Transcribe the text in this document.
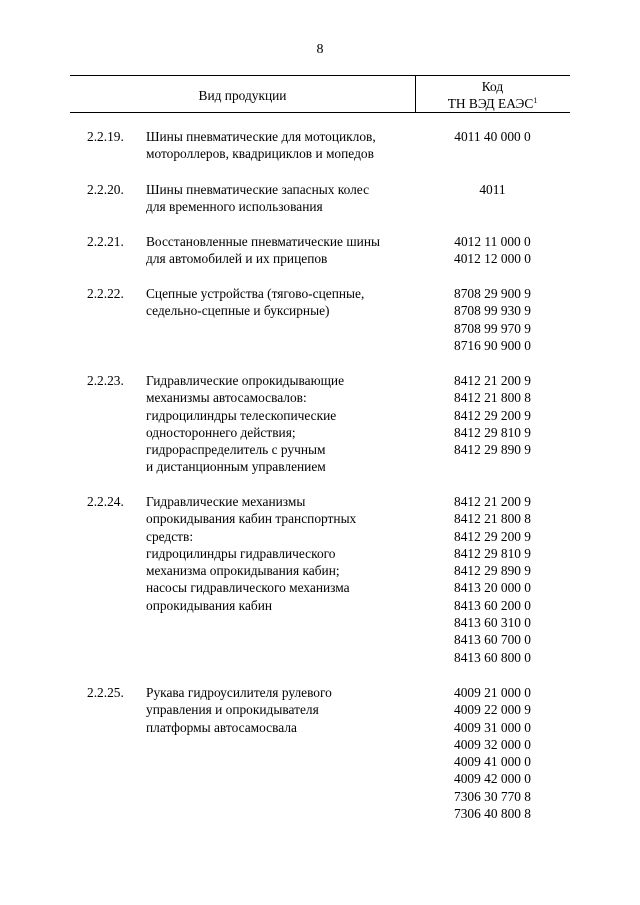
8
Вид продукции
Код
ТН ВЭД ЕАЭС$^1$
2.2.19.	Шины пневматические для мотоциклов,
мотороллеров, квадрициклов и мопедов
4011 40 000 0
2.2.20.	Шины пневматические запасных колес
для временного использования
4011
2.2.21.	Восстановленные пневматические шины
для автомобилей и их прицепов
4012 11 000 0
4012 12 000 0
2.2.22.	Сцепные устройства (тягово-сцепные,
седельно-сцепные и буксирные)
8708 29 900 9
8708 99 930 9
8708 99 970 9
8716 90 900 0
2.2.23.	Гидравлические опрокидывающие
механизмы автосамосвалов:
гидроцилиндры телескопические
одностороннего действия;
гидрораспределитель с ручным
и дистанционным управлением
8412 21 200 9
8412 21 800 8
8412 29 200 9
8412 29 810 9
8412 29 890 9
2.2.24.	Гидравлические механизмы
опрокидывания кабин транспортных
средств:
гидроцилиндры гидравлического
механизма опрокидывания кабин;
насосы гидравлического механизма
опрокидывания кабин
8412 21 200 9
8412 21 800 8
8412 29 200 9
8412 29 810 9
8412 29 890 9
8413 20 000 0
8413 60 200 0
8413 60 310 0
8413 60 700 0
8413 60 800 0
2.2.25.	Рукава гидроусилителя рулевого
управления и опрокидывателя
платформы автосамосвала
4009 21 000 0
4009 22 000 9
4009 31 000 0
4009 32 000 0
4009 41 000 0
4009 42 000 0
7306 30 770 8
7306 40 800 8
